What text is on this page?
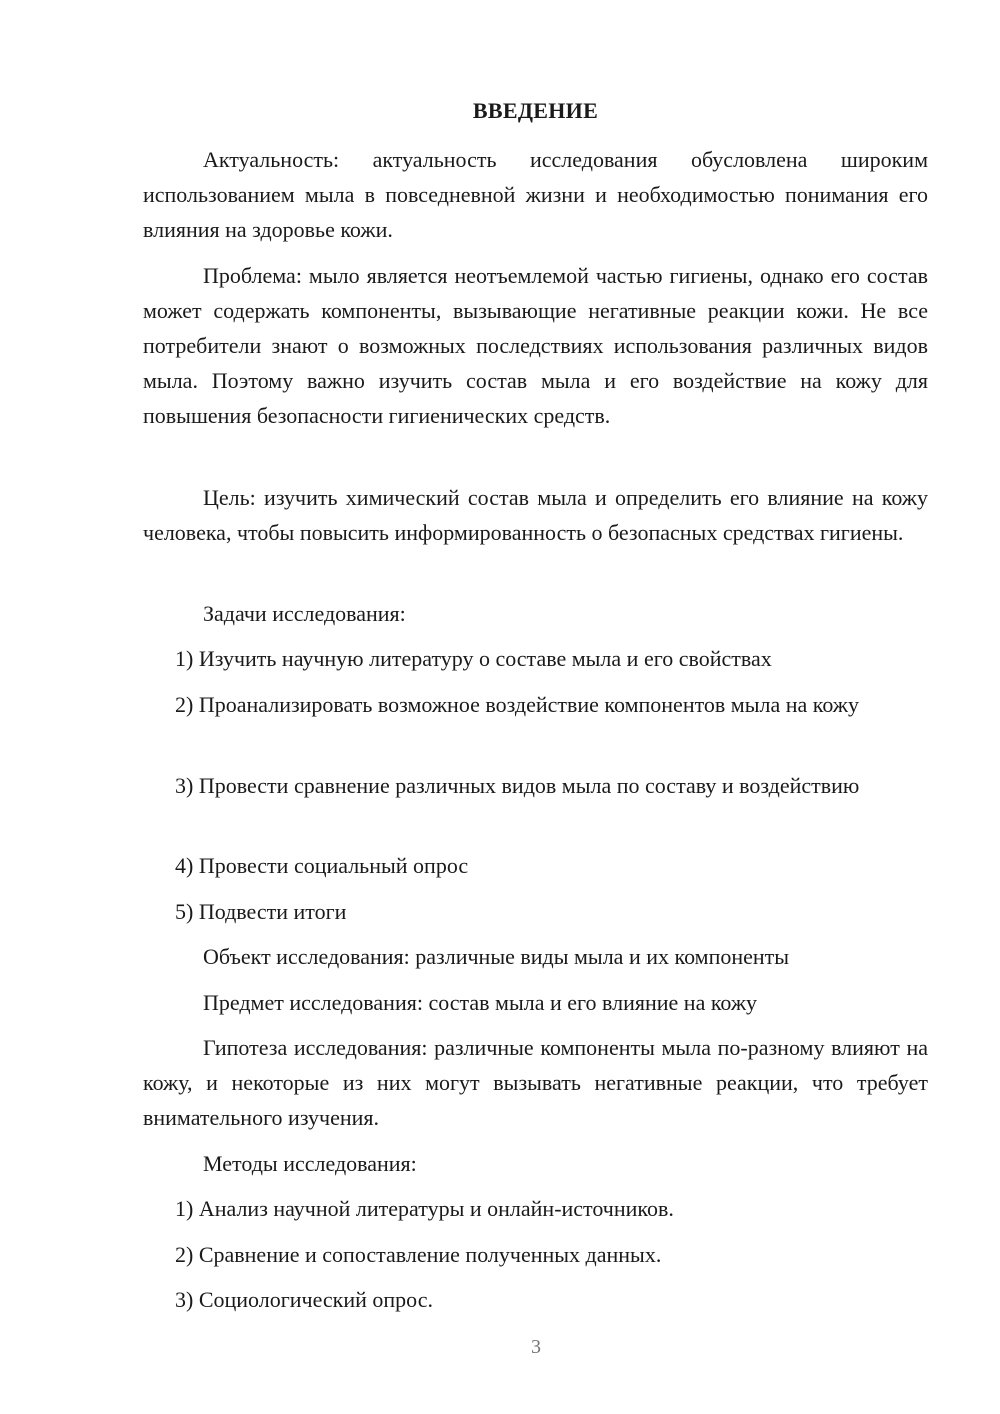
ВВЕДЕНИЕ
Актуальность: актуальность исследования обусловлена широким использованием мыла в повседневной жизни и необходимостью понимания его влияния на здоровье кожи.
Проблема: мыло является неотъемлемой частью гигиены, однако его состав может содержать компоненты, вызывающие негативные реакции кожи. Не все потребители знают о возможных последствиях использования различных видов мыла. Поэтому важно изучить состав мыла и его воздействие на кожу для повышения безопасности гигиенических средств.
Цель: изучить химический состав мыла и определить его влияние на кожу человека, чтобы повысить информированность о безопасных средствах гигиены.
Задачи исследования:
1) Изучить научную литературу о составе мыла и его свойствах
2) Проанализировать возможное воздействие компонентов мыла на кожу
3) Провести сравнение различных видов мыла по составу и воздействию
4) Провести социальный опрос
5) Подвести итоги
Объект исследования: различные виды мыла и их компоненты
Предмет исследования: состав мыла и его влияние на кожу
Гипотеза исследования: различные компоненты мыла по-разному влияют на кожу, и некоторые из них могут вызывать негативные реакции, что требует внимательного изучения.
Методы исследования:
1) Анализ научной литературы и онлайн-источников.
2) Сравнение и сопоставление полученных данных.
3) Социологический опрос.
3
